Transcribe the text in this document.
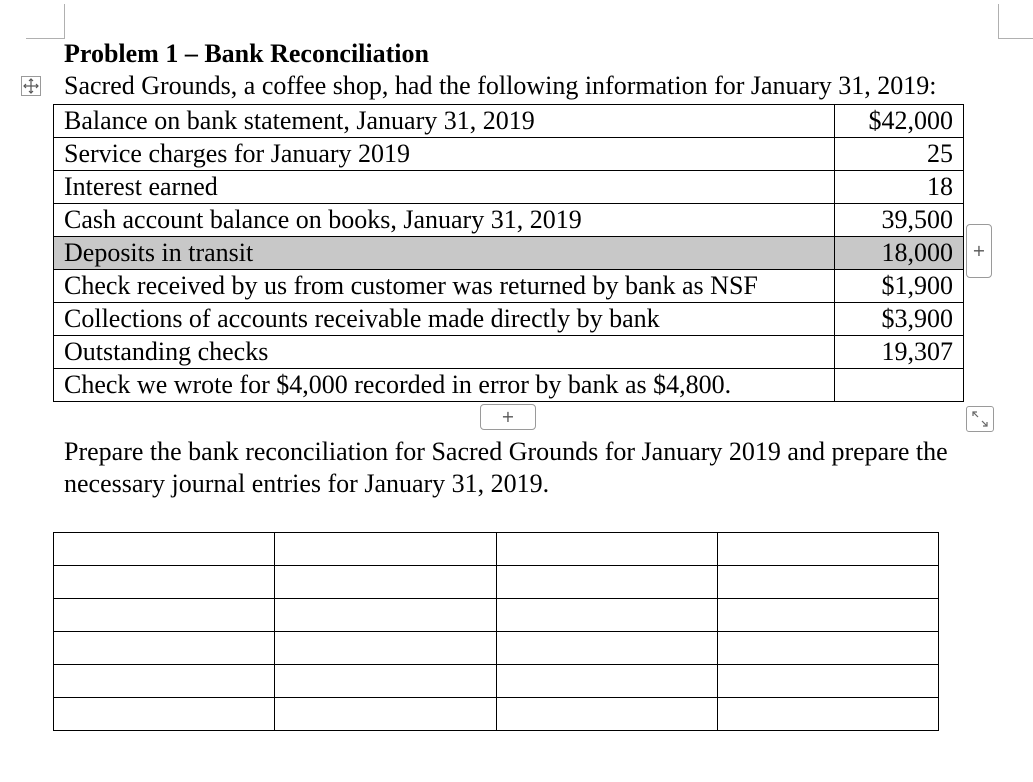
Problem 1 – Bank Reconciliation
Sacred Grounds, a coffee shop, had the following information for January 31, 2019:
Balance on bank statement, January 31, 2019	$42,000
Service charges for January 2019	25
Interest earned	18
Cash account balance on books, January 31, 2019	39,500
Deposits in transit	18,000
Check received by us from customer was returned by bank as NSF	$1,900
Collections of accounts receivable made directly by bank	$3,900
Outstanding checks	19,307
Check we wrote for $4,000 recorded in error by bank as $4,800.	
+
+
Prepare the bank reconciliation for Sacred Grounds for January 2019 and prepare the necessary journal entries for January 31, 2019.
